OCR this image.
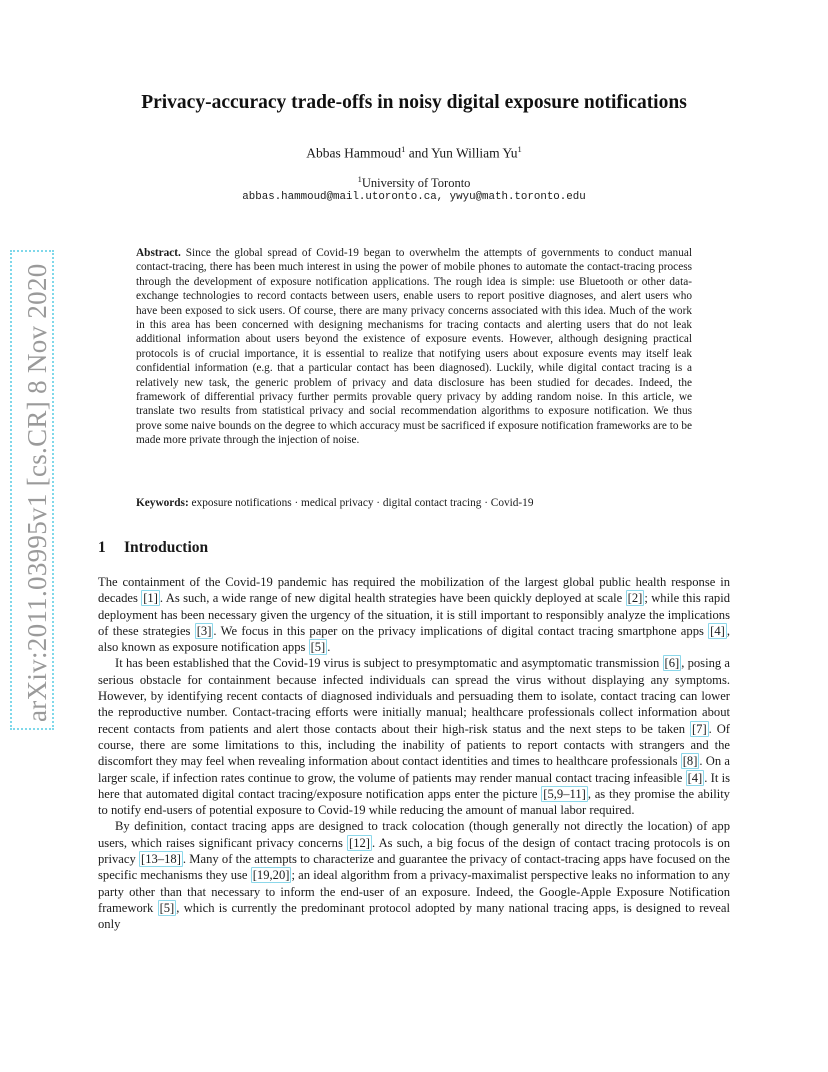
arXiv:2011.03995v1 [cs.CR] 8 Nov 2020
Privacy-accuracy trade-offs in noisy digital exposure notifications
Abbas Hammoud$^1$ and Yun William Yu$^1$
$^1$University of Toronto
abbas.hammoud@mail.utoronto.ca, ywyu@math.toronto.edu
Abstract. Since the global spread of Covid-19 began to overwhelm the attempts of governments to conduct manual contact-tracing, there has been much interest in using the power of mobile phones to automate the contact-tracing process through the development of exposure notification applications. The rough idea is simple: use Bluetooth or other data-exchange technologies to record contacts between users, enable users to report positive diagnoses, and alert users who have been exposed to sick users. Of course, there are many privacy concerns associated with this idea. Much of the work in this area has been concerned with designing mechanisms for tracing contacts and alerting users that do not leak additional information about users beyond the existence of exposure events. However, although designing practical protocols is of crucial importance, it is essential to realize that notifying users about exposure events may itself leak confidential information (e.g. that a particular contact has been diagnosed). Luckily, while digital contact tracing is a relatively new task, the generic problem of privacy and data disclosure has been studied for decades. Indeed, the framework of differential privacy further permits provable query privacy by adding random noise. In this article, we translate two results from statistical privacy and social recommendation algorithms to exposure notification. We thus prove some naive bounds on the degree to which accuracy must be sacrificed if exposure notification frameworks are to be made more private through the injection of noise.
Keywords: exposure notifications · medical privacy · digital contact tracing · Covid-19
1 Introduction

The containment of the Covid-19 pandemic has required the mobilization of the largest global public health response in decades [1] . As such, a wide range of new digital health strategies have been quickly deployed at scale [2] ; while this rapid deployment has been necessary given the urgency of the situation, it is still important to responsibly analyze the implications of these strategies [3] . We focus in this paper on the privacy implications of digital contact tracing smartphone apps [4] , also known as exposure notification apps [5] .

It has been established that the Covid-19 virus is subject to presymptomatic and asymptomatic transmission [6] , posing a serious obstacle for containment because infected individuals can spread the virus without displaying any symptoms. However, by identifying recent contacts of diagnosed individuals and persuading them to isolate, contact tracing can lower the reproductive number. Contact-tracing efforts were initially manual; healthcare professionals collect information about recent contacts from patients and alert those contacts about their high-risk status and the next steps to be taken [7] . Of course, there are some limitations to this, including the inability of patients to report contacts with strangers and the discomfort they may feel when revealing information about contact identities and times to healthcare professionals [8] . On a larger scale, if infection rates continue to grow, the volume of patients may render manual contact tracing infeasible [4] . It is here that automated digital contact tracing/exposure notification apps enter the picture [5,9–11] , as they promise the ability to notify end-users of potential exposure to Covid-19 while reducing the amount of manual labor required.

By definition, contact tracing apps are designed to track colocation (though generally not directly the location) of app users, which raises significant privacy concerns [12] . As such, a big focus of the design of contact tracing protocols is on privacy [13–18] . Many of the attempts to characterize and guarantee the privacy of contact-tracing apps have focused on the specific mechanisms they use [19,20] ; an ideal algorithm from a privacy-maximalist perspective leaks no information to any party other than that necessary to inform the end-user of an exposure. Indeed, the Google-Apple Exposure Notification framework [5] , which is currently the predominant protocol adopted by many national tracing apps, is designed to reveal only
